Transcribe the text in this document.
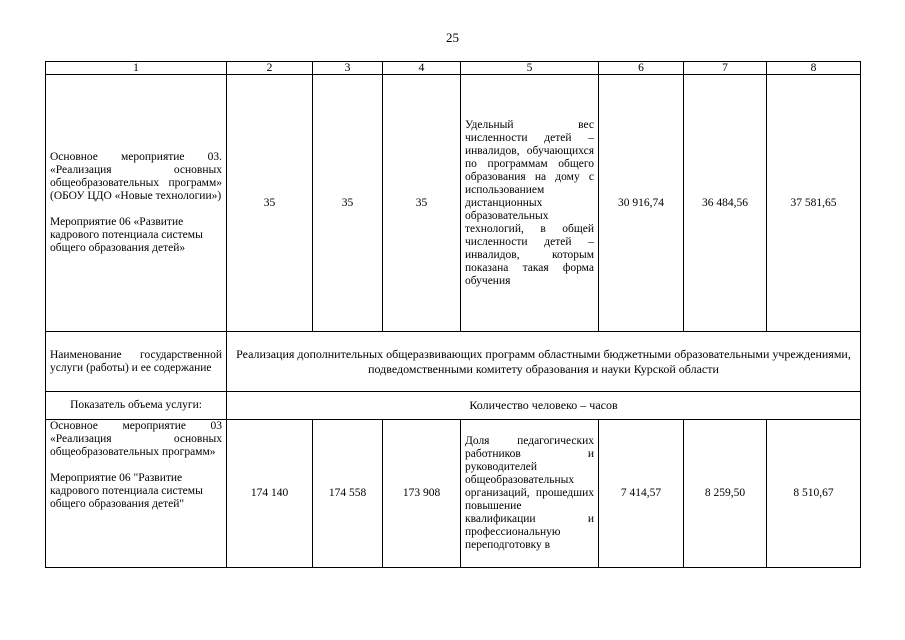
25
1	2	3	4	5	6	7	8

Основное мероприятие 03. «Реализация основных общеобразовательных программ» (ОБОУ ЦДО «Новые технологии»)

Мероприятие 06 «Развитие кадрового потенциала системы общего образования детей»	35	35	35	Удельный вес численности детей – инвалидов, обучающихся по программам общего образования на дому с использованием дистанционных образовательных технологий, в общей численности детей – инвалидов, которым показана такая форма обучения	30 916,74	36 484,56	37 581,65
Наименование государственной услуги (работы) и ее содержание	Реализация дополнительных общеразвивающих программ областными бюджетными образовательными учреждениями, подведомственными комитету образования и науки Курской области						
Показатель объема услуги:	Количество человеко – часов						

Основное мероприятие 03 «Реализация основных общеобразовательных программ»

Мероприятие 06 "Развитие кадрового потенциала системы общего образования детей"	174 140	174 558	173 908	Доля педагогических работников и руководителей общеобразовательных организаций, прошедших повышение квалификации и профессиональную переподготовку в	7 414,57	8 259,50	8 510,67
